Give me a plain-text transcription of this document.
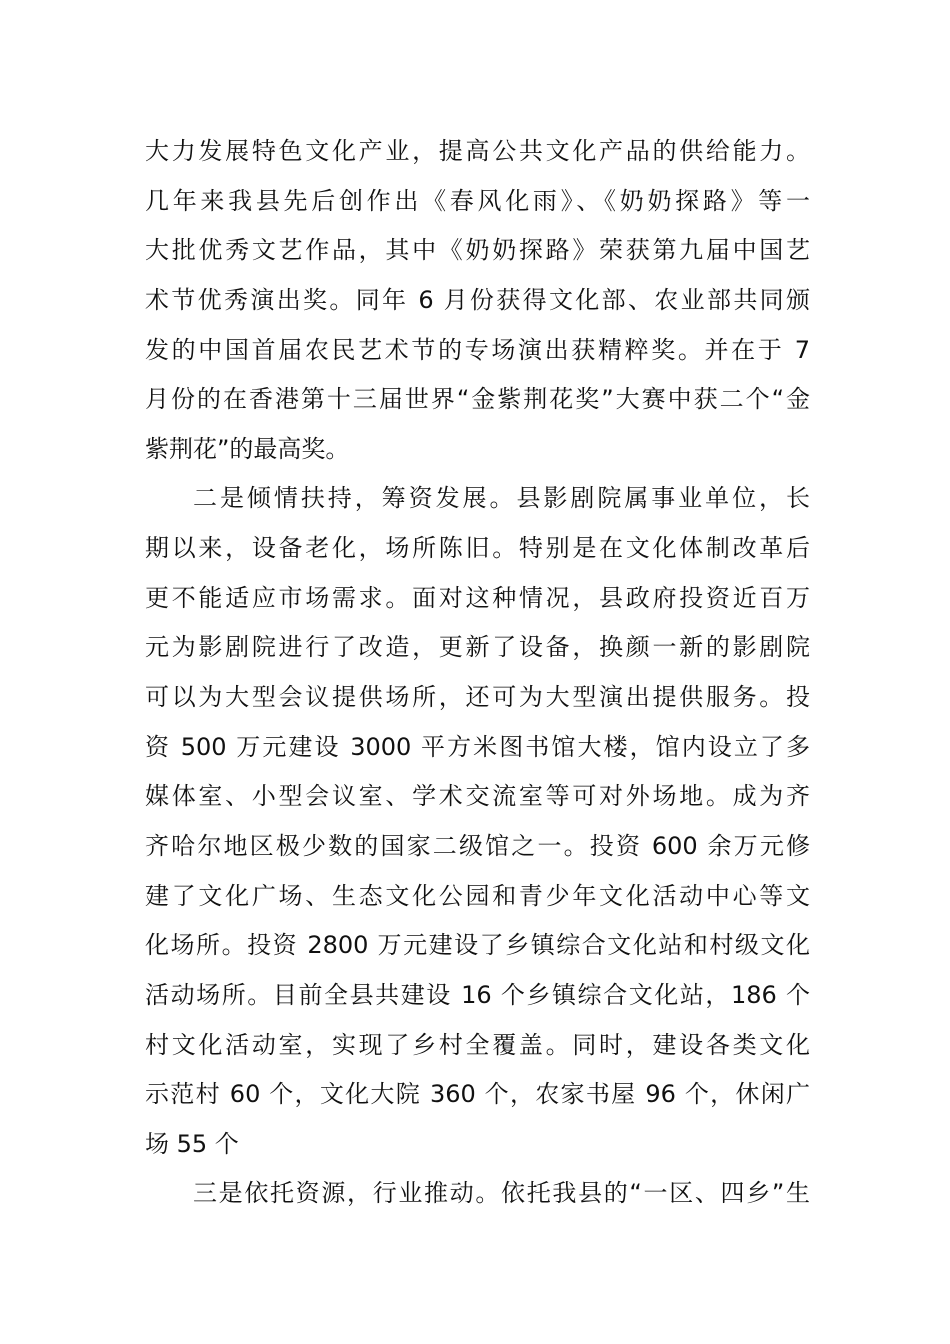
大力发展特色文化产业，提高公共文化产品的供给能力。
几年来我县先后创作出《春风化雨》、《奶奶探路》等一
大批优秀文艺作品，其中《奶奶探路》荣获第九届中国艺
术节优秀演出奖。同年 6 月份获得文化部、农业部共同颁
发的中国首届农民艺术节的专场演出获精粹奖。并在于 7
月份的在香港第十三届世界“金紫荆花奖”大赛中获二个“金
紫荆花”的最高奖。
二是倾情扶持，筹资发展。县影剧院属事业单位，长
期以来，设备老化，场所陈旧。特别是在文化体制改革后
更不能适应市场需求。面对这种情况，县政府投资近百万
元为影剧院进行了改造，更新了设备，换颜一新的影剧院
可以为大型会议提供场所，还可为大型演出提供服务。投
资 500 万元建设 3000 平方米图书馆大楼，馆内设立了多
媒体室、小型会议室、学术交流室等可对外场地。成为齐
齐哈尔地区极少数的国家二级馆之一。投资 600 余万元修
建了文化广场、生态文化公园和青少年文化活动中心等文
化场所。投资 2800 万元建设了乡镇综合文化站和村级文化
活动场所。目前全县共建设 16 个乡镇综合文化站，186 个
村文化活动室，实现了乡村全覆盖。同时，建设各类文化
示范村 60 个，文化大院 360 个，农家书屋 96 个，休闲广
场 55 个
三是依托资源，行业推动。依托我县的“一区、四乡”生
